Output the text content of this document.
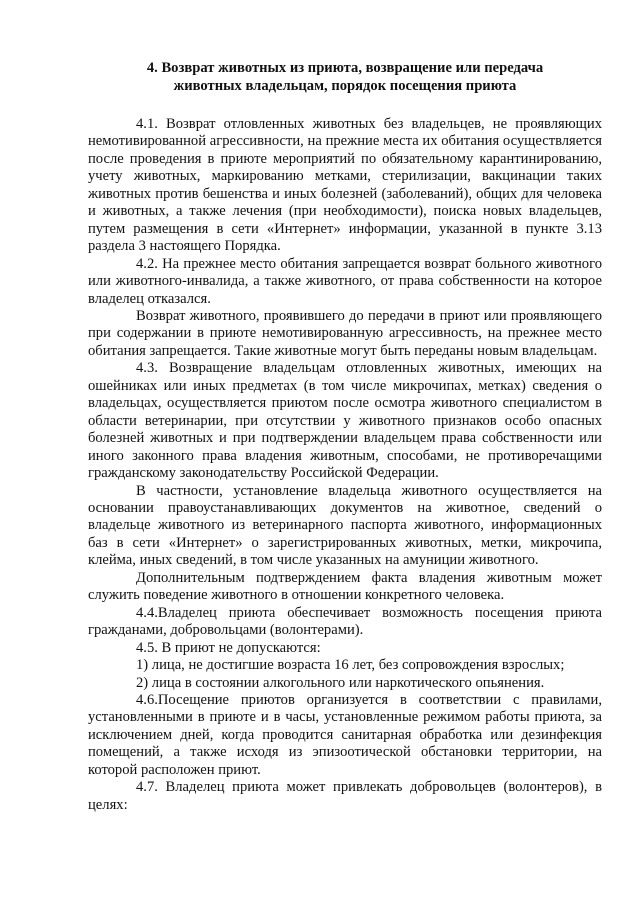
4. Возврат животных из приюта, возвращение или передача
животных владельцам, порядок посещения приюта

4.1. Возврат отловленных животных без владельцев, не проявляющих немотивированной агрессивности, на прежние места их обитания осуществляется после проведения в приюте мероприятий по обязательному карантинированию, учету животных, маркированию метками, стерилизации, вакцинации таких животных против бешенства и иных болезней (заболеваний), общих для человека и животных, а также лечения (при необходимости), поиска новых владельцев, путем размещения в сети «Интернет» информации, указанной в пункте 3.13 раздела 3 настоящего Порядка.

4.2. На прежнее место обитания запрещается возврат больного животного или животного-инвалида, а также животного, от права собственности на которое владелец отказался.

Возврат животного, проявившего до передачи в приют или проявляющего при содержании в приюте немотивированную агрессивность, на прежнее место обитания запрещается. Такие животные могут быть переданы новым владельцам.

4.3. Возвращение владельцам отловленных животных, имеющих на ошейниках или иных предметах (в том числе микрочипах, метках) сведения о владельцах, осуществляется приютом после осмотра животного специалистом в области ветеринарии, при отсутствии у животного признаков особо опасных болезней животных и при подтверждении владельцем права собственности или иного законного права владения животным, способами, не противоречащими гражданскому законодательству Российской Федерации.

В частности, установление владельца животного осуществляется на основании правоустанавливающих документов на животное, сведений о владельце животного из ветеринарного паспорта животного, информационных баз в сети «Интернет» о зарегистрированных животных, метки, микрочипа, клейма, иных сведений, в том числе указанных на амуниции животного.

Дополнительным подтверждением факта владения животным может служить поведение животного в отношении конкретного человека.

4.4.Владелец приюта обеспечивает возможность посещения приюта гражданами, добровольцами (волонтерами).

4.5. В приют не допускаются:

1) лица, не достигшие возраста 16 лет, без сопровождения взрослых;

2) лица в состоянии алкогольного или наркотического опьянения.

4.6.Посещение приютов организуется в соответствии с правилами, установленными в приюте и в часы, установленные режимом работы приюта, за исключением дней, когда проводится санитарная обработка или дезинфекция помещений, а также исходя из эпизоотической обстановки территории, на которой расположен приют.

4.7. Владелец приюта может привлекать добровольцев (волонтеров), в целях:
